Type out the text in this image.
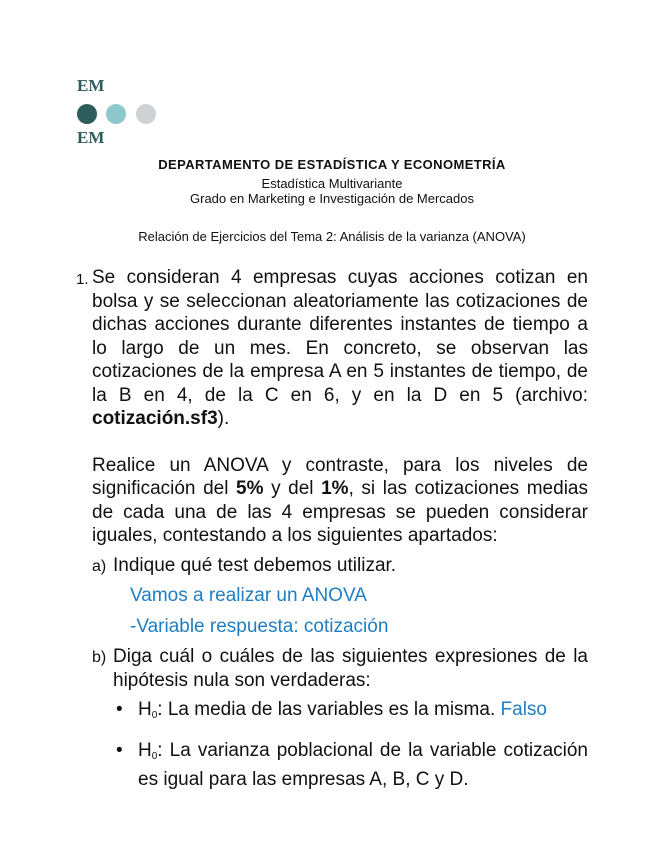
EM
EM
DEPARTAMENTO DE ESTADÍSTICA Y ECONOMETRÍA
Estadística Multivariante
Grado en Marketing e Investigación de Mercados
Relación de Ejercicios del Tema 2: Análisis de la varianza (ANOVA)
1. Se consideran 4 empresas cuyas acciones cotizan en bolsa y se seleccionan aleatoriamente las cotizaciones de dichas acciones durante diferentes instantes de tiempo a lo largo de un mes. En concreto, se observan las cotizaciones de la empresa A en 5 instantes de tiempo, de la B en 4, de la C en 6, y en la D en 5 (archivo: cotización.sf3).
Realice un ANOVA y contraste, para los niveles de significación del 5% y del 1%, si las cotizaciones medias de cada una de las 4 empresas se pueden considerar iguales, contestando a los siguientes apartados:
a) Indique qué test debemos utilizar.
Vamos a realizar un ANOVA
-Variable respuesta: cotización
b) Diga cuál o cuáles de las siguientes expresiones de la hipótesis nula son verdaderas:
• H0: La media de las variables es la misma. Falso
• H0: La varianza poblacional de la variable cotización es igual para las empresas A, B, C y D.
